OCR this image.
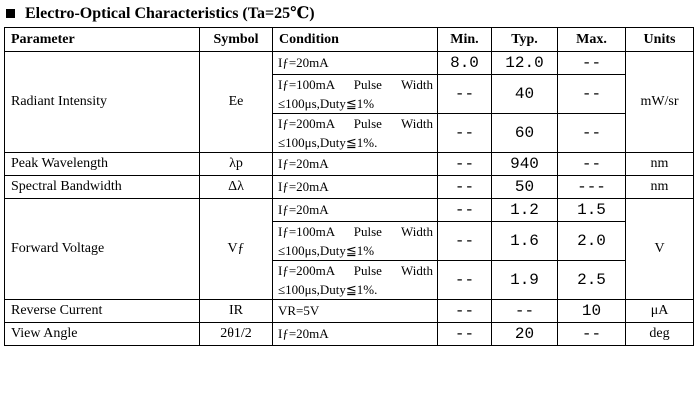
Electro-Optical Characteristics (Ta=25℃)
Parameter	Symbol	Condition	Min.	Typ.	Max.	Units
Radiant Intensity	Ee	Iƒ=20mA	8.0	12.0	--	mW/sr

		Iƒ=100mA Pulse Width ≤100μs,Duty≦1%	--	40	--	

		Iƒ=200mA Pulse Width ≤100μs,Duty≦1%.	--	60	--	
Peak Wavelength	λp	Iƒ=20mA	--	940	--	nm
Spectral Bandwidth	Δλ	Iƒ=20mA	--	50	---	nm
Forward Voltage	Vƒ	Iƒ=20mA	--	1.2	1.5	V

		Iƒ=100mA Pulse Width ≤100μs,Duty≦1%	--	1.6	2.0	

		Iƒ=200mA Pulse Width ≤100μs,Duty≦1%.	--	1.9	2.5	
Reverse Current	IR	VR=5V	--	--	10	μA
View Angle	2θ1/2	Iƒ=20mA	--	20	--	deg
